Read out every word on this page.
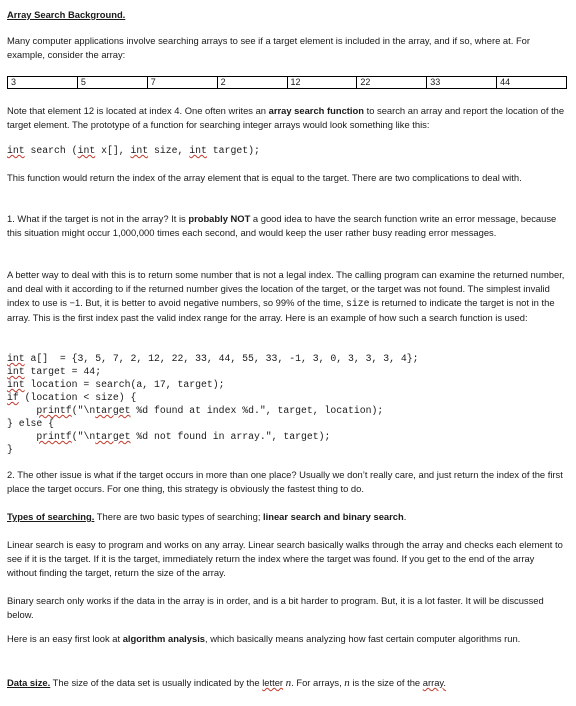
Array Search Background.

Many computer applications involve searching arrays to see if a target element is included in the array, and if so, where at. For example, consider the array:

3	5	7	2	12	22	33	44

Note that element 12 is located at index 4. One often writes an array search function to search an array and report the location of the target element. The prototype of a function for searching integer arrays would look something like this:

int search (int x[], int size, int target);

This function would return the index of the array element that is equal to the target. There are two complications to deal with.

1. What if the target is not in the array? It is probably NOT a good idea to have the search function write an error message, because this situation might occur 1,000,000 times each second, and would keep the user rather busy reading error messages.

A better way to deal with this is to return some number that is not a legal index. The calling program can examine the returned number, and deal with it according to if the returned number gives the location of the target, or the target was not found. The simplest invalid index to use is −1. But, it is better to avoid negative numbers, so 99% of the time, size is returned to indicate the target is not in the array. This is the first index past the valid index range for the array. Here is an example of how such a search function is used:

int a[]  = {3, 5, 7, 2, 12, 22, 33, 44, 55, 33, -1, 3, 0, 3, 3, 3, 4};
int target = 44;
int location = search(a, 17, target);
if (location < size) {
printf("\ntarget %d found at index %d.", target, location);
} else {
printf("\ntarget %d not found in array.", target);
}

2. The other issue is what if the target occurs in more than one place? Usually we don’t really care, and just return the index of the first place the target occurs. For one thing, this strategy is obviously the fastest thing to do.

Types of searching. There are two basic types of searching; linear search and binary search.

Linear search is easy to program and works on any array. Linear search basically walks through the array and checks each element to see if it is the target. If it is the target, immediately return the index where the target was found. If you get to the end of the array without finding the target, return the size of the array.

Binary search only works if the data in the array is in order, and is a bit harder to program. But, it is a lot faster. It will be discussed below.

Here is an easy first look at algorithm analysis, which basically means analyzing how fast certain computer algorithms run.

Data size. The size of the data set is usually indicated by the letter n. For arrays, n is the size of the array.
